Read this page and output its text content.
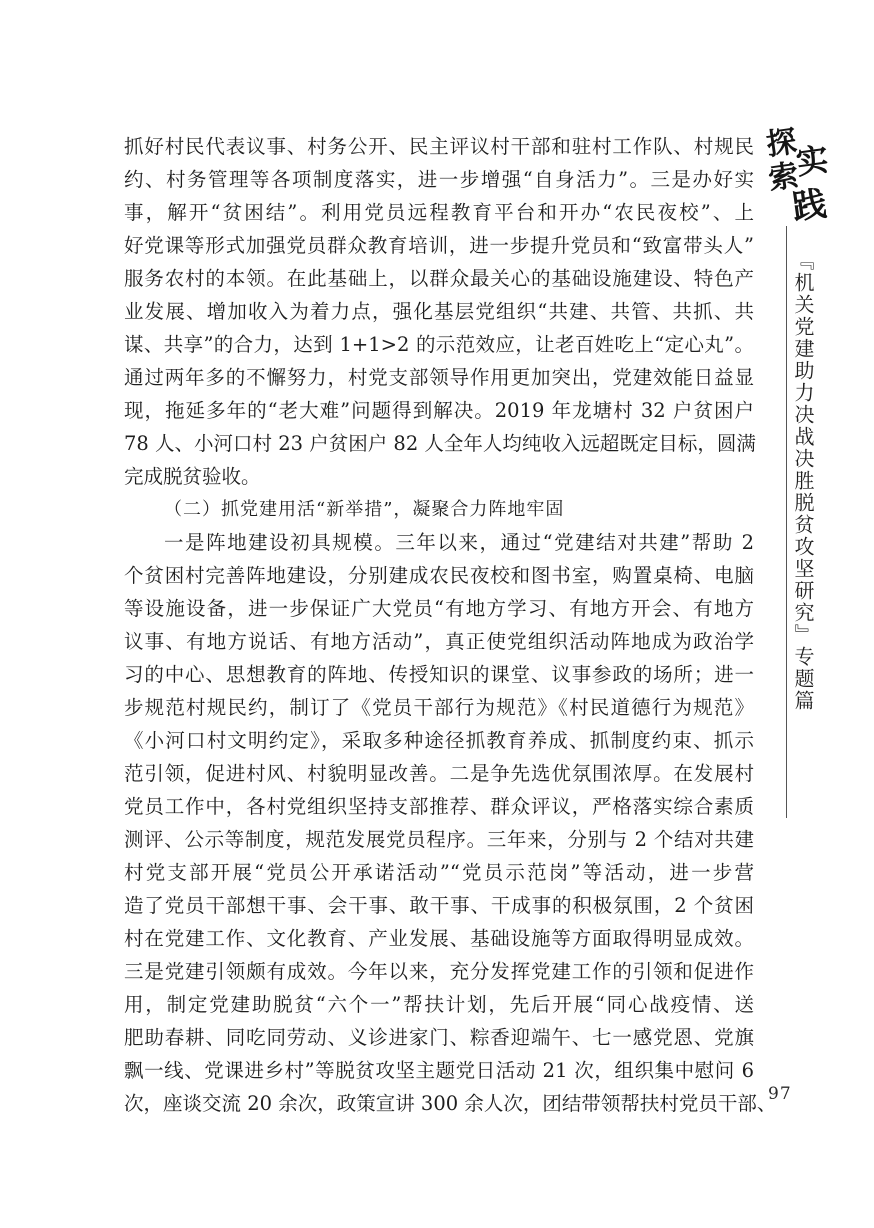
抓好村民代表议事、村务公开、民主评议村干部和驻村工作队、村规民
约、村务管理等各项制度落实，进一步增强“自身活力”。三是办好实
事，解开“贫困结”。利用党员远程教育平台和开办“农民夜校”、上
好党课等形式加强党员群众教育培训，进一步提升党员和“致富带头人”
服务农村的本领。在此基础上，以群众最关心的基础设施建设、特色产
业发展、增加收入为着力点，强化基层党组织“共建、共管、共抓、共
谋、共享”的合力，达到 1+1>2 的示范效应，让老百姓吃上“定心丸”。
通过两年多的不懈努力，村党支部领导作用更加突出，党建效能日益显
现，拖延多年的“老大难”问题得到解决。2019 年龙塘村 32 户贫困户
78 人、小河口村 23 户贫困户 82 人全年人均纯收入远超既定目标，圆满
完成脱贫验收。
（二）抓党建用活“新举措”，凝聚合力阵地牢固
一是阵地建设初具规模。三年以来，通过“党建结对共建”帮助 2
个贫困村完善阵地建设，分别建成农民夜校和图书室，购置桌椅、电脑
等设施设备，进一步保证广大党员“有地方学习、有地方开会、有地方
议事、有地方说话、有地方活动”，真正使党组织活动阵地成为政治学
习的中心、思想教育的阵地、传授知识的课堂、议事参政的场所；进一
步规范村规民约，制订了《党员干部行为规范》《村民道德行为规范》
《小河口村文明约定》，采取多种途径抓教育养成、抓制度约束、抓示
范引领，促进村风、村貌明显改善。二是争先选优氛围浓厚。在发展村
党员工作中，各村党组织坚持支部推荐、群众评议，严格落实综合素质
测评、公示等制度，规范发展党员程序。三年来，分别与 2 个结对共建
村党支部开展“党员公开承诺活动”“党员示范岗”等活动，进一步营
造了党员干部想干事、会干事、敢干事、干成事的积极氛围，2 个贫困
村在党建工作、文化教育、产业发展、基础设施等方面取得明显成效。
三是党建引领颇有成效。今年以来，充分发挥党建工作的引领和促进作
用，制定党建助脱贫“六个一”帮扶计划，先后开展“同心战疫情、送
肥助春耕、同吃同劳动、义诊进家门、粽香迎端午、七一感党恩、党旗
飘一线、党课进乡村”等脱贫攻坚主题党日活动 21 次，组织集中慰问 6
次，座谈交流 20 余次，政策宣讲 300 余人次，团结带领帮扶村党员干部、
探
索
实
践
『机关党建助力决战决胜脱贫攻坚研究』专题篇
97
